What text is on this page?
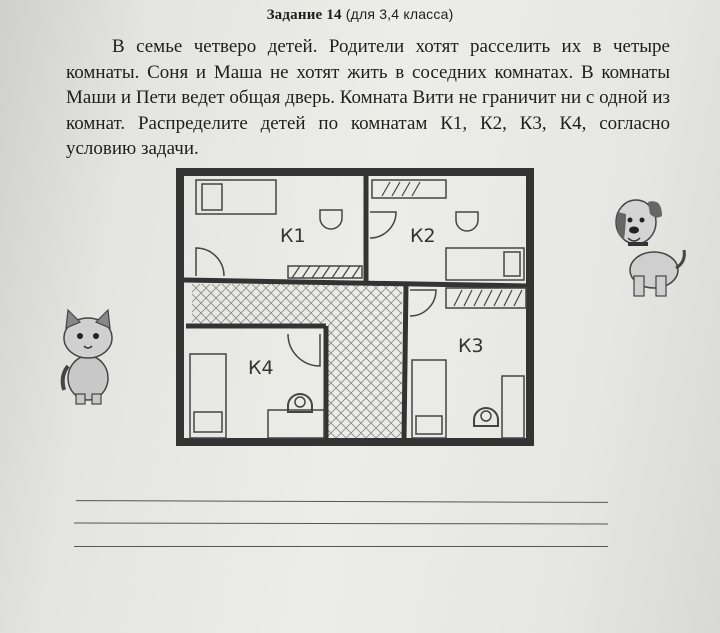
Задание 14 (для 3,4 класса)
В семье четверо детей. Родители хотят расселить их в четыре комнаты. Соня и Маша не хотят жить в соседних комнатах. В комнаты Маши и Пети ведет общая дверь. Комната Вити не граничит ни с одной из комнат. Распределите детей по комнатам К1, К2, К3, К4, согласно условию задачи.
К1	К2
К3
К4
